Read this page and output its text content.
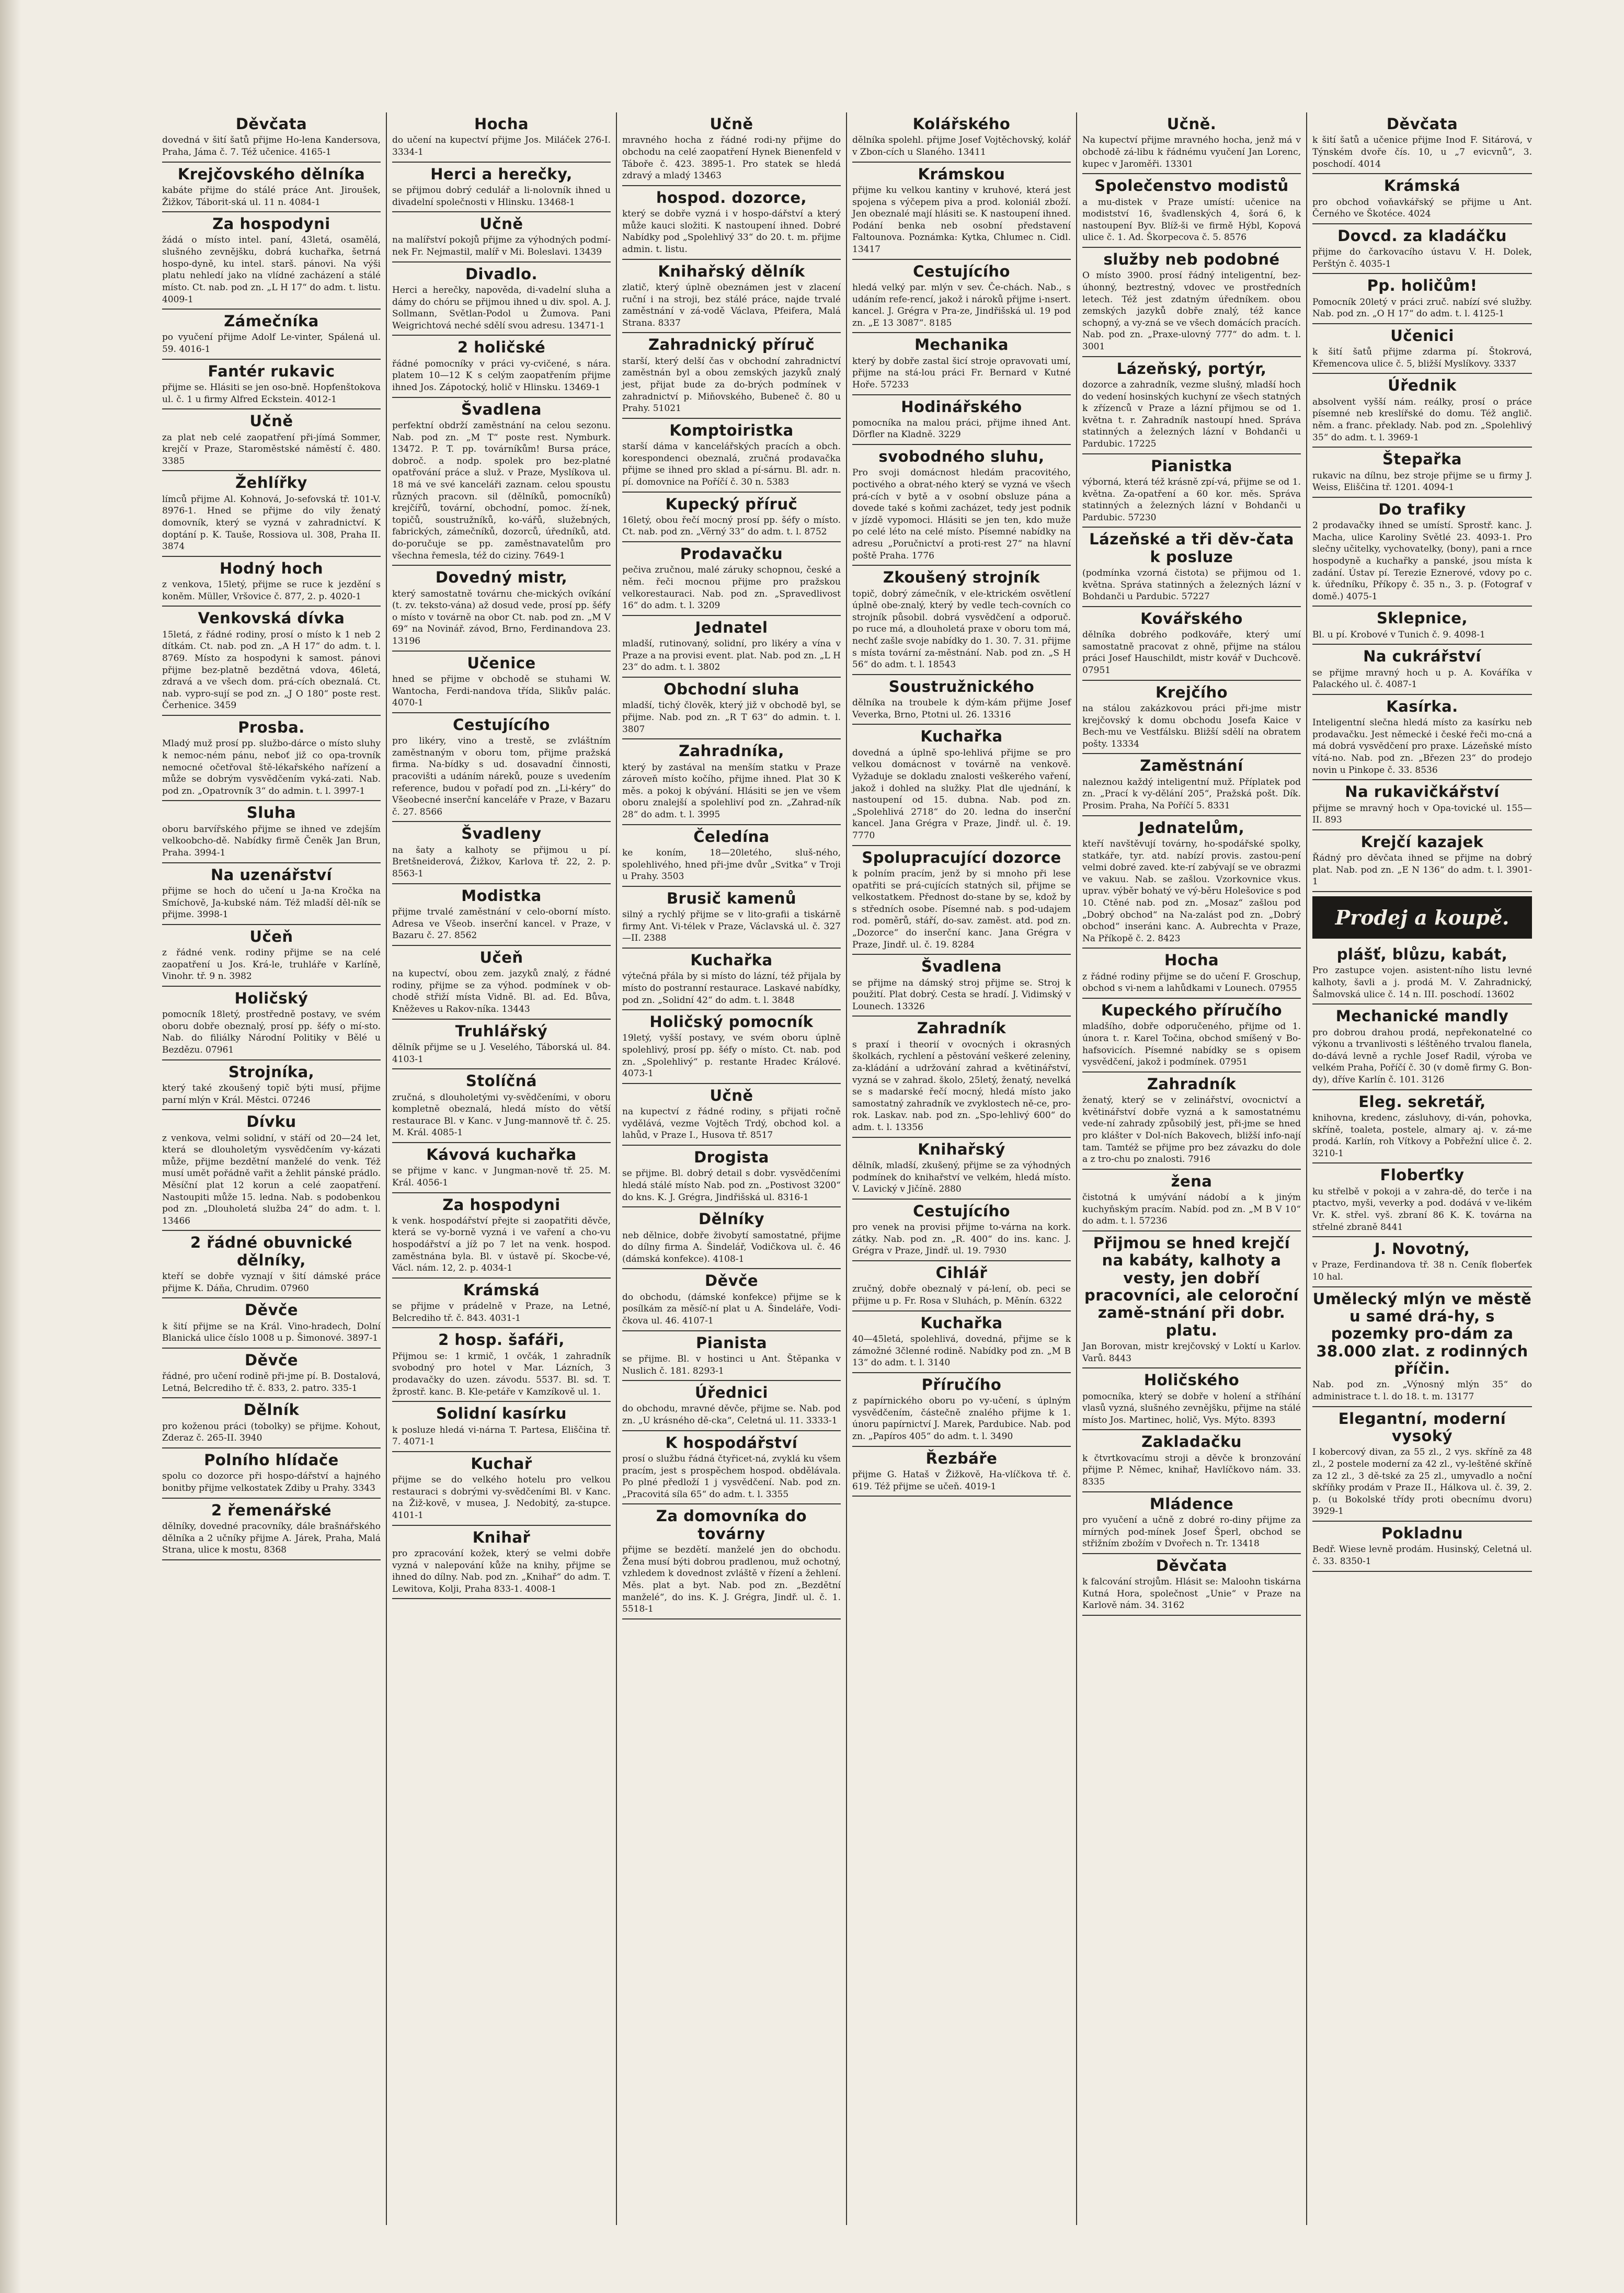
Děvčata

dovedná v šití šatů přijme Ho-lena Kandersova, Praha, Jámа č. 7. Též učenice. 4165-1

Krejčovského dělníka

kabáte přijme do stálé práce Ant. Jiroušek, Žižkov, Táborit-ská ul. 11 n. 4084-1

Za hospodyni

žádá o místo intel. paní, 43letá, osamělá, slušného zevnějšku, dobrá kuchařka, šetrná hospo-dyně, ku intel. starš. pánovi. Na výši platu nehledí jako na vlídné zacházení a stálé místo. Ct. nab. pod zn. „L H 17“ do adm. t. listu. 4009-1

Zámečníka

po vyučení přijme Adolf Le-vinter, Spálená ul. 59. 4016-1

Fantér rukavic

přijme se. Hlásiti se jen oso-bně. Hopfenštokova ul. č. 1 u firmy Alfred Eckstein. 4012-1

Učně

za plat neb celé zaopatření při-jímá Sommer, krejčí v Praze, Staroměstské náměstí č. 480. 3385

Žehlířky

límců přijme Al. Kohnová, Jo-sefovská tř. 101-V. 8976-1. Hned se přijme do vily ženatý domovník, který se vyzná v zahradnictví. K doptání p. K. Tauše, Rossiova ul. 308, Praha II. 3874

Hodný hoch

z venkova, 15letý, přijme se ruce k jezdění s koněm. Müller, Vršovice č. 877, 2. p. 4020-1

Venkovská dívka

15letá, z řádné rodiny, prosí o místo k 1 neb 2 dítkám. Ct. nab. pod zn. „A H 17“ do adm. t. l. 8769. Místo za hospodyni k samost. pánovi přijme bez-platně bezdětná vdova, 46letá, zdravá a ve všech dom. prá-cích obeznalá. Ct. nab. vypro-sují se pod zn. „J O 180“ poste rest. Čerhenice. 3459

Prosba.

Mladý muž prosí pp. službo-dárce o místo sluhy k nemoc-ném pánu, neboť již co opa-trovník nemocné očetřoval ště-lékařského nařízení a může se dobrým vysvědčením vyká-zati. Nab. pod zn. „Opatrovník 3“ do admin. t. l. 3997-1

Sluha

oboru barvířského přijme se ihned ve zdejším velkoobcho-dě. Nabídky firmě Čeněk Jan Brun, Praha. 3994-1

Na uzenářství

přijme se hoch do učení u Ja-na Kročka na Smíchově, Ja-kubské nám. Též mladší děl-ník se přijme. 3998-1

Učeň

z řádné venk. rodiny přijme se na celé zaopatření u Jos. Krá-le, truhláře v Karlíně, Vinohr. tř. 9 n. 3982

Holičský

pomocník 18letý, prostředně postavy, ve svém oboru dobře obeznalý, prosí pp. šéfy o mí-sto. Nab. do filiálky Národní Politiky v Bělé u Bezdězu. 07961

Strojníka,

který také zkoušený topič býti musí, přijme parní mlýn v Král. Městci. 07246

Dívku

z venkova, velmi solidní, v stáří od 20—24 let, která se dlouholetým vysvědčením vy-kázati může, přijme bezdětní manželé do venk. Též musí umět pořádně vařit a žehlit pánské prádlo. Měsíční plat 12 korun a celé zaopatření. Nastoupiti může 15. ledna. Nab. s podobenkou pod zn. „Dlouholetá služba 24“ do adm. t. l. 13466

2 řádné obuvnické dělníky,

kteří se dobře vyznají v šití dámské práce přijme K. Dáňa, Chrudim. 07960

Děvče

k šití přijme se na Král. Vino-hradech, Dolní Blanická ulice číslo 1008 u p. Šimonové. 3897-1

Děvče

řádné, pro učení rodině při-jme pí. B. Dostalová, Letná, Belcrediho tř. č. 833, 2. patro. 335-1

Dělník

pro koženou práci (tobolky) se přijme. Kohout, Zderaz č. 265-II. 3940

Polního hlídače

spolu co dozorce při hospo-dářství a hajného bonitby přijme velkostatek Zdiby u Prahy. 3343

2 řemenářské

dělníky, dovedné pracovníky, dále brašnářského dělníka a 2 učníky přijme A. Járek, Praha, Malá Strana, ulice k mostu, 8368

Hocha

do učení na kupectví přijme Jos. Miláček 276-I. 3334-1

Herci a herečky,

se přijmou dobrý cedulář a li-nolovník ihned u divadelní společnosti v Hlinsku. 13468-1

Učně

na malířství pokojů přijme za výhodných podmí-nek Fr. Nejmastil, malíř v Mi. Boleslavi. 13439

Divadlo.

Herci a herečky, napověda, di-vadelní sluha a dámy do chóru se přijmou ihned u div. spol. A. J. Sollmann, Světlan-Podol u Žumova. Pani Weigrichtová neché sdělí svou adresu. 13471-1

2 holičské

řádné pomocníky v práci vy-cvičené, s nára. platem 10—12 K s celým zaopatřením přijme ihned Jos. Zápotocký, holič v Hlinsku. 13469-1

Švadlena

perfektní obdrží zaměstnání na celou sezonu. Nab. pod zn. „M T“ poste rest. Nymburk. 13472. P. T. pp. továrníkům! Bursa práce, dobroč. a nodp. spolek pro bez-platné opatřování práce a služ. v Praze, Myslíkova ul. 18 má ve své kanceláři zaznam. celou spoustu různých pracovn. sil (dělníků, pomocníků) krejčířů, tovární, obchodní, pomoc. ží-nek, topičů, soustružníků, ko-vářů, služebných, fabrických, zámečníků, dozorců, úředníků, atd. do-poručuje se pp. zaměstnavatelům pro všechna řemesla, též do ciziny. 7649-1

Dovedný mistr,

který samostatně továrnu che-mických ovíkání (t. zv. teksto-vána) až dosud vede, prosí pp. šéfy o místo v továrně na obor Ct. nab. pod zn. „M V 69“ na Novinář. závod, Brno, Ferdinandova 23. 13196

Učenice

hned se přijme v obchodě se stuhami W. Wantocha, Ferdi-nandova třída, Slikův palác. 4070-1

Cestujícího

pro likéry, vino a trestě, se zvláštním zaměstnaným v oboru tom, přijme pražská firma. Na-bídky s ud. dosavadní činnosti, pracovišti a udáním náreků, pouze s uvedením reference, budou v pořadí pod zn. „Li-kéry“ do Všeobecné inserční kanceláře v Praze, v Bazaru č. 27. 8566

Švadleny

na šaty a kalhoty se přijmou u pí. Bretšneiderová, Žižkov, Karlova tř. 22, 2. p. 8563-1

Modistka

přijme trvalé zaměstnání v celo-oborní místo. Adresa ve Všeob. inserční kancel. v Praze, v Bazaru č. 27. 8562

Učeň

na kupectví, obou zem. jazyků znalý, z řádné rodiny, přijme se za výhod. podmínek v ob-chodě střiží místa Vidně. Bl. ad. Ed. Bůva, Kněževes u Rakov-níka. 13443

Truhlářský

dělník přijme se u J. Veselého, Táborská ul. 84. 4103-1

Stolíčná

zručná, s dlouholetými vy-svědčeními, v oboru kompletně obeznalá, hledá místo do větší restaurace Bl. v Kanc. v Jung-mannově tř. č. 25. M. Král. 4085-1

Kávová kuchařka

se přijme v kanc. v Jungman-nově tř. 25. M. Král. 4056-1

Za hospodyni

k venk. hospodářství přejte si zaopatřiti děvče, která se vy-borně vyzná i ve vaření a cho-vu hospodářství a jíž po 7 let na venk. hospod. zaměstnána byla. Bl. v ústavě pí. Skocbe-vé, Václ. nám. 12, 2. p. 4034-1

Krámská

se přijme v prádelně v Praze, na Letné, Belcrediho tř. č. 843. 4031-1

2 hosp. šafáři,

Přijmou se: 1 krmič, 1 ovčák, 1 zahradník svobodný pro hotel v Mar. Lázních, 3 prodavačky do uzen. závodu. 5537. Bl. sd. T. žprostř. kanc. B. Kle-petáře v Kamzíkově ul. 1.

Solidní kasírku

k posluze hledá vi-nárna T. Partesa, Eliščina tř. 7. 4071-1

Kuchař

přijme se do velkého hotelu pro velkou restauraci s dobrými vy-svědčeními Bl. v Kanc. na Žiž-kově, v musea, J. Nedobitý, za-stupce. 4101-1

Knihař

pro zpracování kožek, který se velmi dobře vyzná v nalepování kůže na knihy, přijme se ihned do dílny. Nab. pod zn. „Knihař“ do adm. T. Lewitova, Kolji, Praha 833-1. 4008-1

Učně

mravného hocha z řádné rodi-ny přijme do obchodu na celé zaopatření Hynek Bienenfeld v Táboře č. 423. 3895-1. Pro statek se hledá zdravý a mladý 13463

hospod. dozorce,

který se dobře vyzná i v hospo-dářství a který může kauci složiti. K nastoupení ihned. Dobré Nabídky pod „Spolehlivý 33“ do 20. t. m. přijme admin. t. listu.

Knihařský dělník

zlatič, který úplně obeznámen jest v zlacení ruční i na stroji, bez stálé práce, najde trvalé zaměstnání v zá-vodě Václava, Pfeifera, Malá Strana. 8337

Zahradnický příruč

starší, který delší čas v obchodní zahradnictví zaměstnán byl a obou zemských jazyků znalý jest, přijat bude za do-brých podmínek v zahradnictví p. Miňovského, Bubeneč č. 80 u Prahy. 51021

Komptoiristka

starší dáma v kancelářských pracích a obch. korespondenci obeznalá, zručná prodavačka přijme se ihned pro sklad a pí-sárnu. Bl. adr. n. pí. domovnice na Poříčí č. 30 n. 5383

Kupecký příruč

16letý, obou řečí mocný prosí pp. šéfy o místo. Ct. nab. pod zn. „Věrný 33“ do adm. t. l. 8752

Prodavačku

pečiva zručnou, malé záruky schopnou, české a něm. řeči mocnou přijme pro pražskou velkorestauraci. Nab. pod zn. „Spravedlivost 16“ do adm. t. l. 3209

Jednatel

mladší, rutinovaný, solidní, pro likéry a vína v Praze a na provisi event. plat. Nab. pod zn. „L H 23“ do adm. t. l. 3802

Obchodní sluha

mladší, tichý člověk, který již v obchodě byl, se přijme. Nab. pod zn. „R T 63“ do admin. t. l. 3807

Zahradníka,

který by zastával na menším statku v Praze zároveň místo kočího, přijme ihned. Plat 30 K měs. a pokoj k obývání. Hlásiti se jen ve všem oboru znalejší a spolehliví pod zn. „Zahrad-ník 28“ do adm. t. l. 3995

Čeledína

ke koním, 18—20letého, sluš-ného, spolehlivého, hned při-jme dvůr „Svitka“ v Troji u Prahy. 3503

Brusič kamenů

silný a rychlý přijme se v lito-grafii a tiskárně firmy Ant. Vi-télek v Praze, Václavská ul. č. 327—II. 2388

Kuchařka

výtečná přála by si místo do lázní, též přijala by místo do postranní restaurace. Laskavé nabídky, pod zn. „Solidní 42“ do adm. t. l. 3848

Holičský pomocník

19letý, vyšší postavy, ve svém oboru úplně spolehlivý, prosí pp. šéfy o místo. Ct. nab. pod zn. „Spolehlivý“ p. restante Hradec Králové. 4073-1

Učně

na kupectví z řádné rodiny, s přijati ročně vydělává, vezme Vojtěch Trdý, obchod kol. a lahůd, v Praze I., Husova tř. 8517

Drogista

se přijme. Bl. dobrý detail s dobr. vysvědčeními hledá stálé místo Nab. pod zn. „Postivost 3200“ do kns. K. J. Grégra, Jindřišská ul. 8316-1

Dělníky

neb dělnice, dobře živobytí samostatné, přijme do dílny firma A. Šindelář, Vodičkova ul. č. 46 (dámská konfekce). 4108-1

Děvče

do obchodu, (dámské konfekce) přijme se k posílkám za měsíč-ní plat u A. Šindeláře, Vodi-čkova ul. 46. 4107-1

Pianista

se přijme. Bl. v hostinci u Ant. Štěpanka v Nuslich č. 181. 8293-1

Úřednici

do obchodu, mravné děvče, přijme se. Nab. pod zn. „U krásného dě-cka“, Celetná ul. 11. 3333-1

K hospodářství

prosí o službu řádná čtyřicet-ná, zvyklá ku všem pracím, jest s prospěchem hospod. obdělávala. Po plné předloží 1 j vysvědčení. Nab. pod zn. „Pracovitá síla 65“ do adm. t. l. 3355

Za domovníka do továrny

přijme se bezdětí. manželé jen do obchodu. Žena musí býti dobrou pradlenou, muž ochotný, vzhledem k dovednost zvláště v řízení a žehlení. Měs. plat a byt. Nab. pod zn. „Bezdětní manželé“, do ins. K. J. Grégra, Jindř. ul. č. 1. 5518-1

Kolářského

dělníka spolehl. přijme Josef Vojtěchovský, kolář v Zbon-cích u Slaného. 13411

Krámskou

přijme ku velkou kantiny v kruhové, která jest spojena s výčepem piva a prod. koloniál zboží. Jen obeznalé mají hlásiti se. K nastoupení ihned. Podání benka neb osobní představení Faltounova. Poznámka: Kytka, Chlumec n. Cidl. 13417

Cestujícího

hledá velký par. mlýn v sev. Če-chách. Nab., s udáním refe-rencí, jakož i nároků přijme i-nsert. kancel. J. Grégra v Pra-ze, Jindřišská ul. 19 pod zn. „E 13 3087“. 8185

Mechanika

který by dobře zastal šicí stroje opravovati umí, přijme na stá-lou práci Fr. Bernard v Kutné Hoře. 57233

Hodinářského

pomocníka na malou práci, přijme ihned Ant. Dörfler na Kladně. 3229

svobodného sluhu,

Pro svoji domácnost hledám pracovitého, poctivého a obrat-ného který se vyzná ve všech prá-cích v bytě a v osobní obsluze pána a dovede také s koňmi zacházet, tedy jest podnik v jízdě vypomoci. Hlásiti se jen ten, kdo muže po celé léto na celé místo. Písemné nabídky na adresu „Poručnictví a proti-rest 27“ na hlavní poště Praha. 1776

Zkoušený strojník

topič, dobrý zámečník, v ele-ktrickém osvětlení úplně obe-znalý, který by vedle tech-covních co strojník působil. dobrá vysvědčení a odporuč. po ruce má, a dlouholetá praxe v oboru tom má, nechť zašle svoje nabídky do 1. 30. 7. 31. přijme s místa tovární za-městnání. Nab. pod zn. „S H 56“ do adm. t. l. 18543

Soustružnického

dělníka na troubele k dým-kám přijme Josef Veverka, Brno, Ptotni ul. 26. 13316

Kuchařka

dovedná a úplně spo-lehlivá přijme se pro velkou domácnost v továrně na venkově. Vyžaduje se dokladu znalosti veškerého vaření, jakož i dohled na služky. Plat dle ujednání, k nastoupení od 15. dubna. Nab. pod zn. „Spolehlivá 2718“ do 20. ledna do inserční kancel. Jana Grégra v Praze, Jindř. ul. č. 19. 7770

Spolupracující dozorce

k polním pracím, jenž by si mnoho při lese opatřiti se prá-cujících statných sil, přijme se velkostatkem. Přednost do-stane by se, kdož by s středních osobe. Písemné nab. s pod-udajem rod. poměrů, stáří, do-sav. zaměst. atd. pod zn. „Dozorce“ do inserční kanc. Jana Grégra v Praze, Jindř. ul. č. 19. 8284

Švadlena

se přijme na dámský stroj přijme se. Stroj k použití. Plat dobrý. Cesta se hradí. J. Vidimský v Lounech. 13326

Zahradník

s praxí i theorií v ovocných i okrasných školkách, rychlení a pěstování veškeré zeleniny, za-kládání a udržování zahrad a květinářství, vyzná se v zahrad. školo, 25letý, ženatý, nevelká se s madarské řečí mocný, hledá místo jako samostatný zahradník ve zvyklostech ně-ce, pro-rok. Laskav. nab. pod zn. „Spo-lehlivý 600“ do adm. t. l. 13356

Knihařský

dělník, mladší, zkušený, přijme se za výhodných podmínek do knihařství ve velkém, hledá místo. V. Lavický v Jičíně. 2880

Cestujícího

pro venek na provisi přijme to-várna na kork. zátky. Nab. pod zn. „R. 400“ do ins. kanc. J. Grégra v Praze, Jindř. ul. 19. 7930

Cihlář

zručný, dobře obeznalý v pá-lení, ob. peci se přijme u p. Fr. Rosa v Sluhách, p. Měnín. 6322

Kuchařka

40—45letá, spolehlivá, dovedná, přijme se k zámožné 3členné rodině. Nabídky pod zn. „M B 13“ do adm. t. l. 3140

Příručího

z papírnického oboru po vy-učení, s úplným vysvědčením, částečně znalého přijme k 1. únoru papírnictví J. Marek, Pardubice. Nab. pod zn. „Papíros 405“ do adm. t. l. 3490

Řezbáře

přijme G. Hataš v Žižkově, Ha-vlíčkova tř. č. 619. Též přijme se učeň. 4019-1

Učně.

Na kupectví přijme mravného hocha, jenž má v obchodě zá-libu k řádnému vyučení Jan Lorenc, kupec v Jaroměři. 13301

Společenstvo modistů

a mu-distek v Praze umístí: učenice na modistství 16, švadlenských 4, šorá 6, k nastoupení Byv. Blíž-ši ve firmě Hýbl, Kopová ulice č. 1. Ad. Škorpecova č. 5. 8576

služby neb podobné

O místo 3900. prosí řádný inteligentní, bez-úhonný, beztrestný, vdovec ve prostředních letech. Též jest zdatným úředníkem. obou zemských jazyků dobře znalý, též kance schopný, a vy-zná se ve všech domácích pracích. Nab. pod zn. „Praxe-ulovný 777“ do adm. t. l. 3001

Lázeňský, portýr,

dozorce a zahradník, vezme slušný, mladší hoch do vedení hosinských kuchyní ze všech statných k zřízenců v Praze a lázní přijmou se od 1. května t. r. Zahradník nastoupí hned. Správa statinných a železných lázní v Bohdanči u Pardubic. 17225

Pianistka

výborná, která též krásně zpí-vá, přijme se od 1. května. Za-opatření a 60 kor. měs. Správa statinných a železných lázní v Bohdanči u Pardubic. 57230

Lázeňské a tři děv-čata k posluze

(podmínka vzorná čistota) se přijmou od 1. května. Správa statinných a železných lázní v Bohdanči u Pardubic. 57227

Kovářského

dělníka dobrého podkováře, který umí samostatně pracovat z ohně, přijme na stálou práci Josef Hauschildt, mistr kovář v Duchcově. 07951

Krejčího

na stálou zakázkovou práci při-jme mistr krejčovský k domu obchodu Josefa Kaice v Bech-mu ve Vestfálsku. Bližší sdělí na obratem pošty. 13334

Zaměstnání

naleznou každý inteligentní muž. Příplatek pod zn. „Prací k vy-dělání 205“, Pražská pošt. Dík. Prosim. Praha, Na Poříčí 5. 8331

Jednatelům,

kteří navštěvují továrny, ho-spodářské spolky, statkáře, tyr. atd. nabízí provis. zastou-pení velmi dobré zaved. kte-rí zabývají se ve obrazmi ve vakuu. Nab. se zašlou. Vzorkovnice vkus. uprav. výběr bohatý ve vý-běru Holešovice s pod 10. Ctěné nab. pod zn. „Mosaz“ zašlou pod „Dobrý obchod“ na Na-zalást pod zn. „Dobrý obchod“ inseráni kanc. A. Aubrechta v Praze, Na Příkopě č. 2. 8423

Hocha

z řádné rodiny přijme se do učení F. Groschup, obchod s vi-nem a lahůdkami v Lounech. 07955

Kupeckého příručího

mladšího, dobře odporučeného, přijme od 1. února t. r. Karel Točina, obchod smíšený v Bo-hafsovicích. Písemné nabídky se s opisem vysvědčení, jakož i podmínek. 07951

Zahradník

ženatý, který se v zelinářství, ovocnictví a květinářství dobře vyzná a k samostatnému vede-ní zahrady způsobilý jest, při-jme se hned pro klášter v Dol-ních Bakovech, bližší info-nají tam. Tamtéž se přijme pro bez závazku do dole a z tro-chu po znalosti. 7916

žena

čistotná k umývání nádobí a k jiným kuchyňským pracím. Nabíd. pod zn. „M B V 10“ do adm. t. l. 57236

Přijmou se hned krejčí na kabáty, kalhoty a vesty, jen dobří pracovníci, ale celoroční zamě-stnání při dobr. platu.

Jan Borovan, mistr krejčovský v Loktí u Karlov. Varů. 8443

Holičského

pomocníka, který se dobře v holení a stříhání vlasů vyzná, slušného zevnějšku, přijme na stálé místo Jos. Martinec, holič, Vys. Mýto. 8393

Zakladačku

k čtvrtkovacímu stroji a děvče k bronzování přijme P. Němec, knihař, Havlíčkovo nám. 33. 8335

Mládence

pro vyučení a učně z dobré ro-diny přijme za mírných pod-mínek Josef Šperl, obchod se střižním zbožím v Dvořech n. Tr. 13418

Děvčata

k falcování strojům. Hlásit se: Maloohn tiskárna Kutná Hora, společnost „Unie“ v Praze na Karlově nám. 34. 3162

Děvčata

k šití šatů a učenice přijme Inod F. Sitárová, v Týnském dvoře čís. 10, u „7 evicvnů“, 3. poschodí. 4014

Krámská

pro obchod voňavkářský se přijme u Ant. Černého ve Škotéce. 4024

Dovcd. za kladáčku

přijme do čarkovacího ústavu V. H. Dolek, Perštýn č. 4035-1

Pp. holičům!

Pomocník 20letý v práci zruč. nabízí své služby. Nab. pod zn. „O H 17“ do adm. t. l. 4125-1

Učenici

k šití šatů přijme zdarma pí. Štokrová, Křemencova ulice č. 5, bližší Myslíkovy. 3337

Úřednik

absolvent vyšší nám. reálky, prosí o práce písemné neb kreslířské do domu. Též anglič. něm. a franc. překlady. Nab. pod zn. „Spolehlivý 35“ do adm. t. l. 3969-1

Štepařka

rukavic na dílnu, bez stroje přijme se u firmy J. Weiss, Eliščina tř. 1201. 4094-1

Do trafiky

2 prodavačky ihned se umístí. Sprostř. kanc. J. Macha, ulice Karoliny Světlé 23. 4093-1. Pro slečny učitelky, vychovatelky, (bony), pani a rnce hospodyně a kuchařky a panské, jsou místa k zadání. Ústav pí. Terezie Eznerové, vdovy po c. k. úředníku, Příkopy č. 35 n., 3. p. (Fotograf v domě.) 4075-1

Sklepnice,

Bl. u pí. Krobové v Tunich č. 9. 4098-1

Na cukrářství

se přijme mravný hoch u p. A. Kováříka v Palackého ul. č. 4087-1

Kasírka.

Inteligentní slečna hledá místo za kasírku neb prodavačku. Jest německé i české řeči mo-cná a má dobrá vysvědčení pro praxe. Lázeňské místo vítá-no. Nab. pod zn. „Březen 23“ do prodejo novin u Pinkope č. 33. 8536

Na rukavičkářství

přijme se mravný hoch v Opa-tovické ul. 155—II. 893

Krejčí kazajek

Řádný pro děvčata ihned se přijme na dobrý plat. Nab. pod zn. „E N 136“ do adm. t. l. 3901-1

Prodej a koupě.
plášť, blůzu, kabát,

Pro zastupce vojen. asistent-ního listu levné kalhoty, šavli a j. prodá M. V. Zahradnický, Šalmovská ulice č. 14 n. III. poschodí. 13602

Mechanické mandly

pro dobrou drahou prodá, nepřekonatelné co výkonu a trvanlivosti s léštěného trvalou flanela, do-dává levně a rychle Josef Radil, výroba ve velkém Praha, Poříčí č. 30 (v domě firmy G. Bon-dy), dříve Karlín č. 101. 3126

Eleg. sekretář,

knihovna, kredenc, zásluhovy, di-ván, pohovka, skříně, toaleta, postele, almary aj. v. zá-me prodá. Karlín, roh Vítkovy a Pobřežní ulice č. 2. 3210-1

Floberťky

ku střelbě v pokoji a v zahra-dě, do terče i na ptactvo, myši, veverky a pod. dodává v ve-likém Vr. K. střel. vyš. zbraní 86 K. K. továrna na střelné zbraně 8441

J. Novotný,

v Praze, Ferdinandova tř. 38 n. Ceník floberťek 10 hal.

Umělecký mlýn ve městě u samé drá-hy, s pozemky pro-dám za 38.000 zlat. z rodinných příčin.

Nab. pod zn. „Výnosný mlýn 35“ do administrace t. l. do 18. t. m. 13177

Elegantní, moderní vysoký

I kobercový divan, za 55 zl., 2 vys. skříně za 48 zl., 2 postele moderní za 42 zl., vy-leštěné skříně za 12 zl., 3 dě-tské za 25 zl., umyvadlo a noční skříňky prodám v Praze II., Hálkova ul. č. 39, 2. p. (u Bokolské třídy proti obecnímu dvoru) 3929-1

Pokladnu

Bedř. Wiese levně prodám. Husinský, Celetná ul. č. 33. 8350-1
